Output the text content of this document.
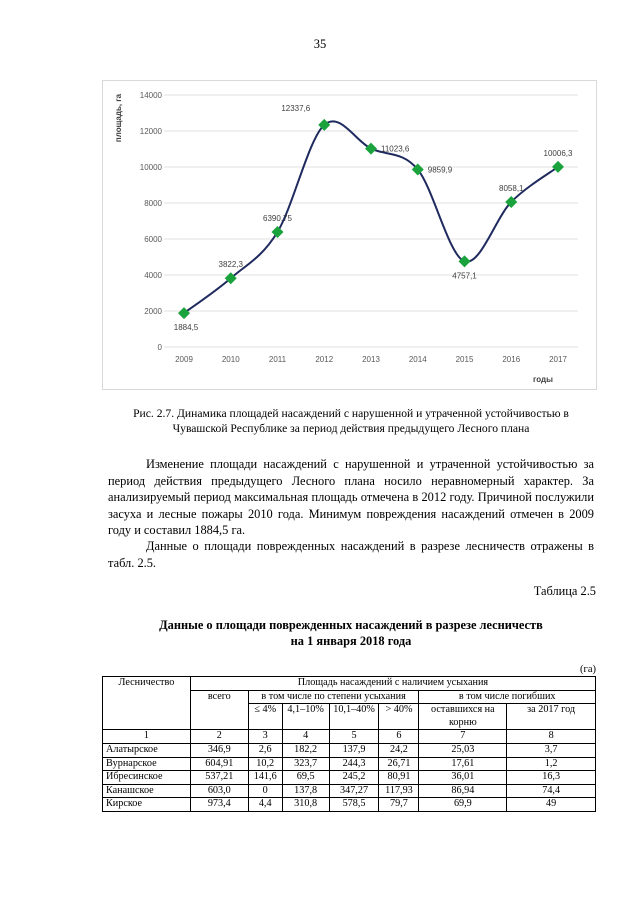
35
площадь, га
годы
0
2000
4000
6000
8000
10000
12000
14000
2009	2010	2011	2012	2013	2014	2015	2016	2017
1884,5
3822,3
6390,75
12337,6
11023,6
9859,9
4757,1
8058,1
10006,3
Рис. 2.7. Динамика площадей насаждений с нарушенной и утраченной устойчивостью в Чувашской Республике за период действия предыдущего Лесного плана

Изменение площади насаждений с нарушенной и утраченной устойчивостью за период действия предыдущего Лесного плана носило неравномерный характер. За анализируемый период максимальная площадь отмечена в 2012 году. Причиной послужили засуха и лесные пожары 2010 года. Минимум повреждения насаждений отмечен в 2009 году и составил 1884,5 га.

Данные о площади поврежденных насаждений в разрезе лесничеств отражены в табл. 2.5.

Таблица 2.5
Данные о площади поврежденных насаждений в разрезе лесничеств
на 1 января 2018 года
(га)
Лесничество	Площадь насаждений с наличием усыхания						
	всего	в том числе по степени усыхания				в том числе погибших	
		≤ 4%	4,1–10%	10,1–40%	> 40%	оставшихся на корню	за 2017 год
1	2	3	4	5	6	7	8
Алатырское	346,9	2,6	182,2	137,9	24,2	25,03	3,7
Вурнарское	604,91	10,2	323,7	244,3	26,71	17,61	1,2
Ибресинское	537,21	141,6	69,5	245,2	80,91	36,01	16,3
Канашское	603,0	0	137,8	347,27	117,93	86,94	74,4
Кирское	973,4	4,4	310,8	578,5	79,7	69,9	49
